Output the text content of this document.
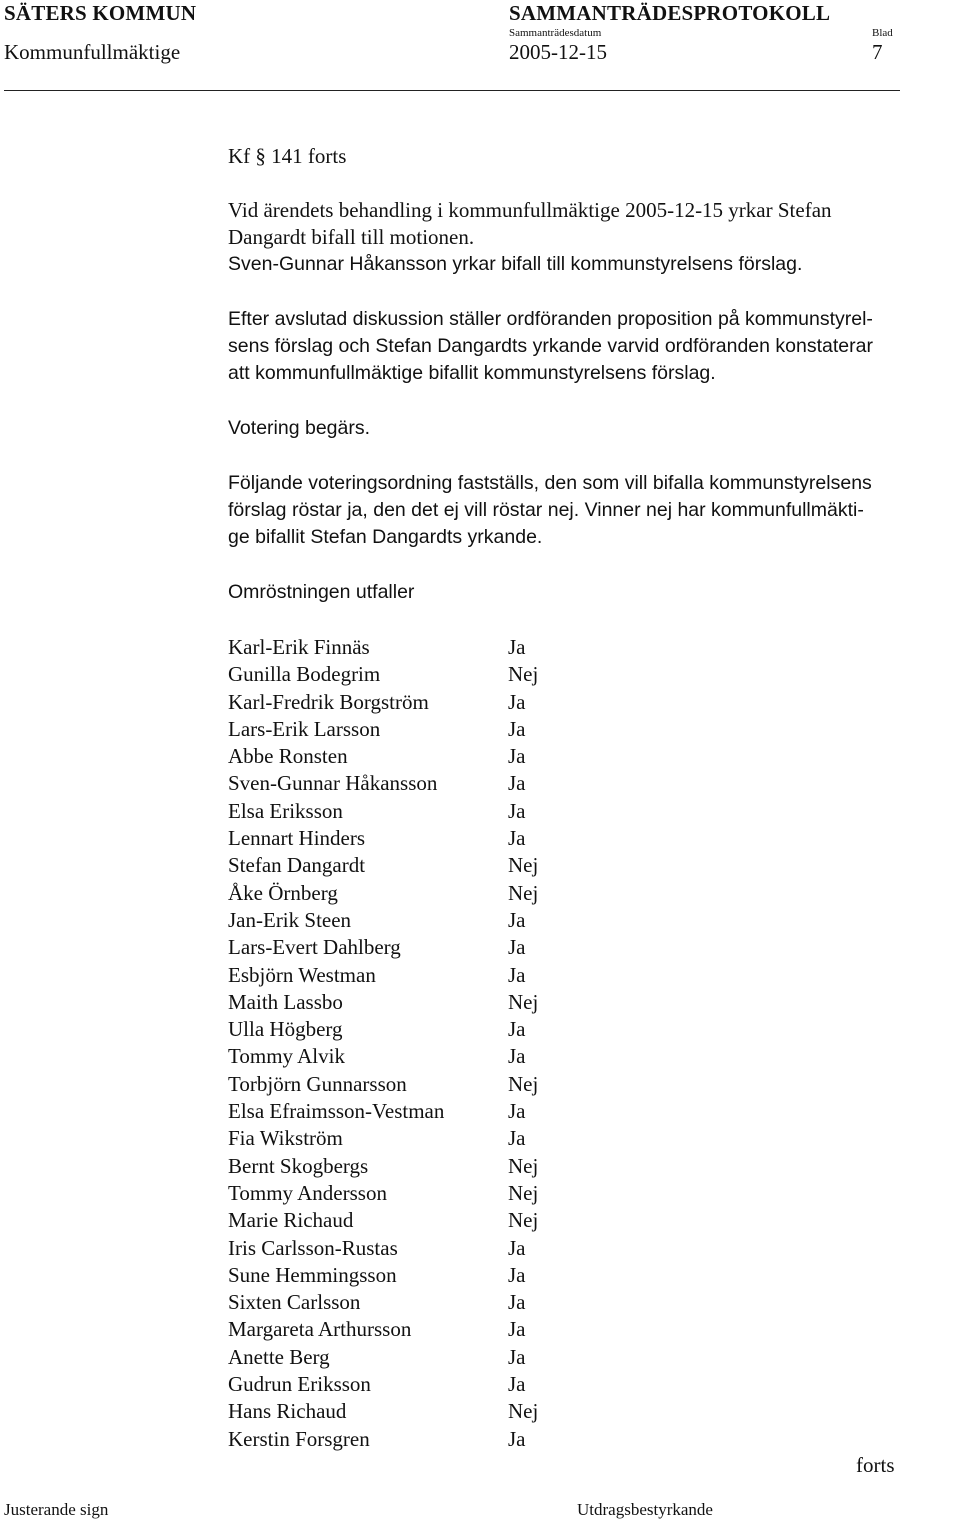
SÄTERS KOMMUN	SAMMANTRÄDESPROTOKOLL
Sammanträdesdatum	Blad
Kommunfullmäktige	2005-12-15	7
Kf § 141 forts
Vid ärendets behandling i kommunfullmäktige 2005-12-15 yrkar Stefan
Dangardt bifall till motionen.
Sven-Gunnar Håkansson yrkar bifall till kommunstyrelsens förslag.
Efter avslutad diskussion ställer ordföranden proposition på kommunstyrel-
sens förslag och Stefan Dangardts yrkande varvid ordföranden konstaterar
att kommunfullmäktige bifallit kommunstyrelsens förslag.
Votering begärs.
Följande voteringsordning fastställs, den som vill bifalla kommunstyrelsens
förslag röstar ja, den det ej vill röstar nej. Vinner nej har kommunfullmäkti-
ge bifallit Stefan Dangardts yrkande.
Omröstningen utfaller
Karl-Erik Finnäs	Ja
Gunilla Bodegrim	Nej
Karl-Fredrik Borgström	Ja
Lars-Erik Larsson	Ja
Abbe Ronsten	Ja
Sven-Gunnar Håkansson	Ja
Elsa Eriksson	Ja
Lennart Hinders	Ja
Stefan Dangardt	Nej
Åke Örnberg	Nej
Jan-Erik Steen	Ja
Lars-Evert Dahlberg	Ja
Esbjörn Westman	Ja
Maith Lassbo	Nej
Ulla Högberg	Ja
Tommy Alvik	Ja
Torbjörn Gunnarsson	Nej
Elsa Efraimsson-Vestman	Ja
Fia Wikström	Ja
Bernt Skogbergs	Nej
Tommy Andersson	Nej
Marie Richaud	Nej
Iris Carlsson-Rustas	Ja
Sune Hemmingsson	Ja
Sixten Carlsson	Ja
Margareta Arthursson	Ja
Anette Berg	Ja
Gudrun Eriksson	Ja
Hans Richaud	Nej
Kerstin Forsgren	Ja
forts
Justerande sign	Utdragsbestyrkande
